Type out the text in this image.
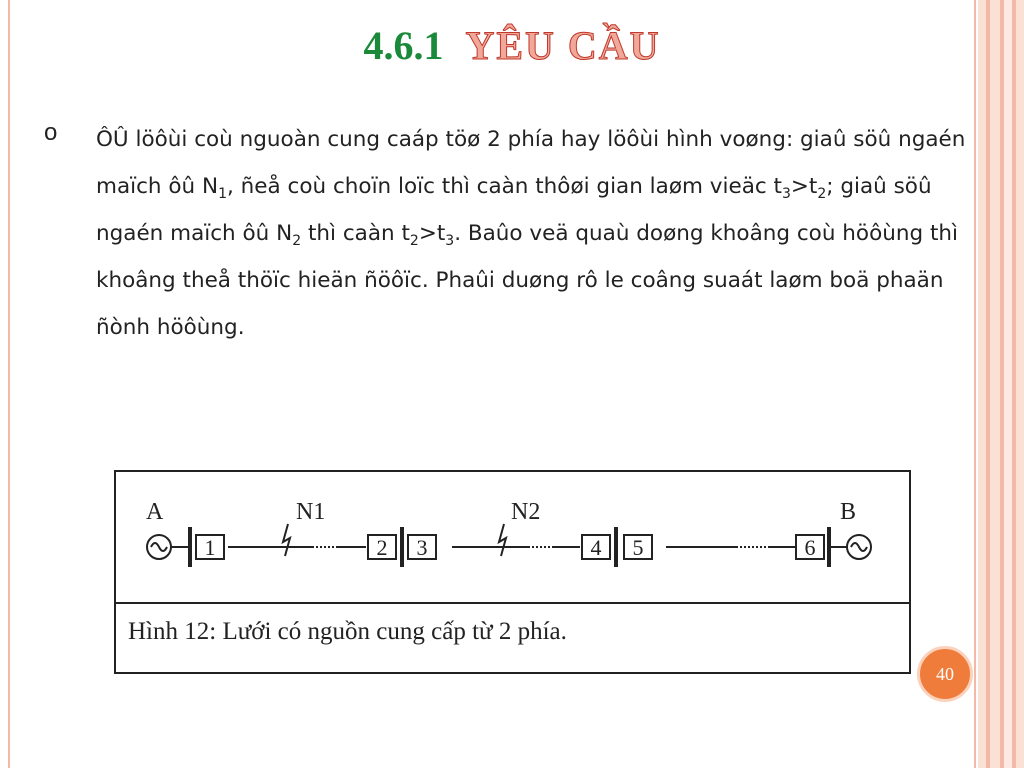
4.6.1 YÊU CẦU
o ÔÛ löôùi coù nguoàn cung caáp töø 2 phía hay löôùi hình voøng: giaû söû ngaén maïch ôû $N_1$, ñeå coù choïn loïc thì caàn thôøi gian laøm vieäc $t_3>t_2$; giaû söû ngaén maïch ôû $N_2$ thì caàn $t_2>t_3$. Baûo veä quaù doøng khoâng coù höôùng thì khoâng theå thöïc hieän ñöôïc. Phaûi duøng rô le coâng suaát laøm boä phaän ñònh höôùng.
A	N1	N2	B
1	2 3	4 5	6
Hình 12: Lưới có nguồn cung cấp từ 2 phía.
40
